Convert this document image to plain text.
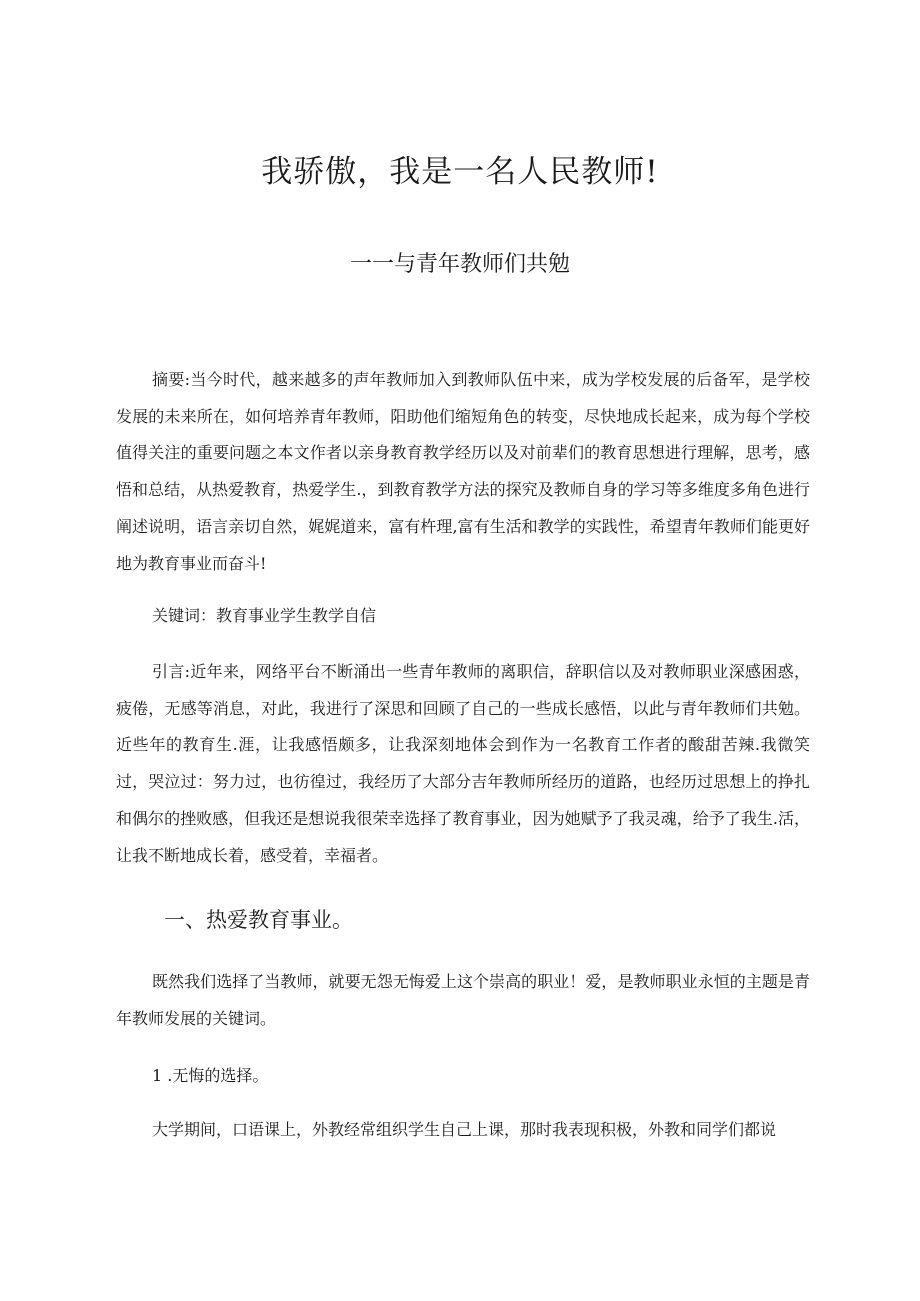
我骄傲，我是一名人民教师!
一一与青年教师们共勉

摘要:当今时代，越来越多的声年教师加入到教师队伍中来，成为学校发展的后备军，是学校发展的未来所在，如何培养青年教师，阳助他们缩短角色的转变，尽快地成长起来，成为每个学校值得关注的重要问题之本文作者以亲身教育教学经历以及对前辈们的教育思想进行理解，思考，感悟和总结，从热爱教育，热爱学生.，到教育教学方法的探究及教师自身的学习等多维度多角色进行阐述说明，语言亲切自然，娓娓道来，富有杵理,富有生活和教学的实践性，希望青年教师们能更好地为教育事业而奋斗!

关键词：教育事业学生教学自信

引言:近年来，网络平台不断涌出一些青年教师的离职信，辞职信以及对教师职业深感困惑，疲倦，无感等消息，对此，我进行了深思和回顾了自己的一些成长感悟，以此与青年教师们共勉。近些年的教育生.涯，让我感悟颇多，让我深刻地体会到作为一名教育工作者的酸甜苦辣.我微笑过，哭泣过：努力过，也彷徨过，我经历了大部分吉年教师所经历的道路，也经历过思想上的挣扎和偶尔的挫败感，但我还是想说我很荣幸选择了教育事业，因为她赋予了我灵魂，给予了我生.活，让我不断地成长着，感受着，幸福者。

一、热爱教育事业。

既然我们选择了当教师，就要无怨无悔爱上这个崇高的职业！爱，是教师职业永恒的主题是青年教师发展的关键词。

1 .无悔的选择。

大学期间，口语课上，外教经常组织学生自己上课，那时我表现积极，外教和同学们都说
